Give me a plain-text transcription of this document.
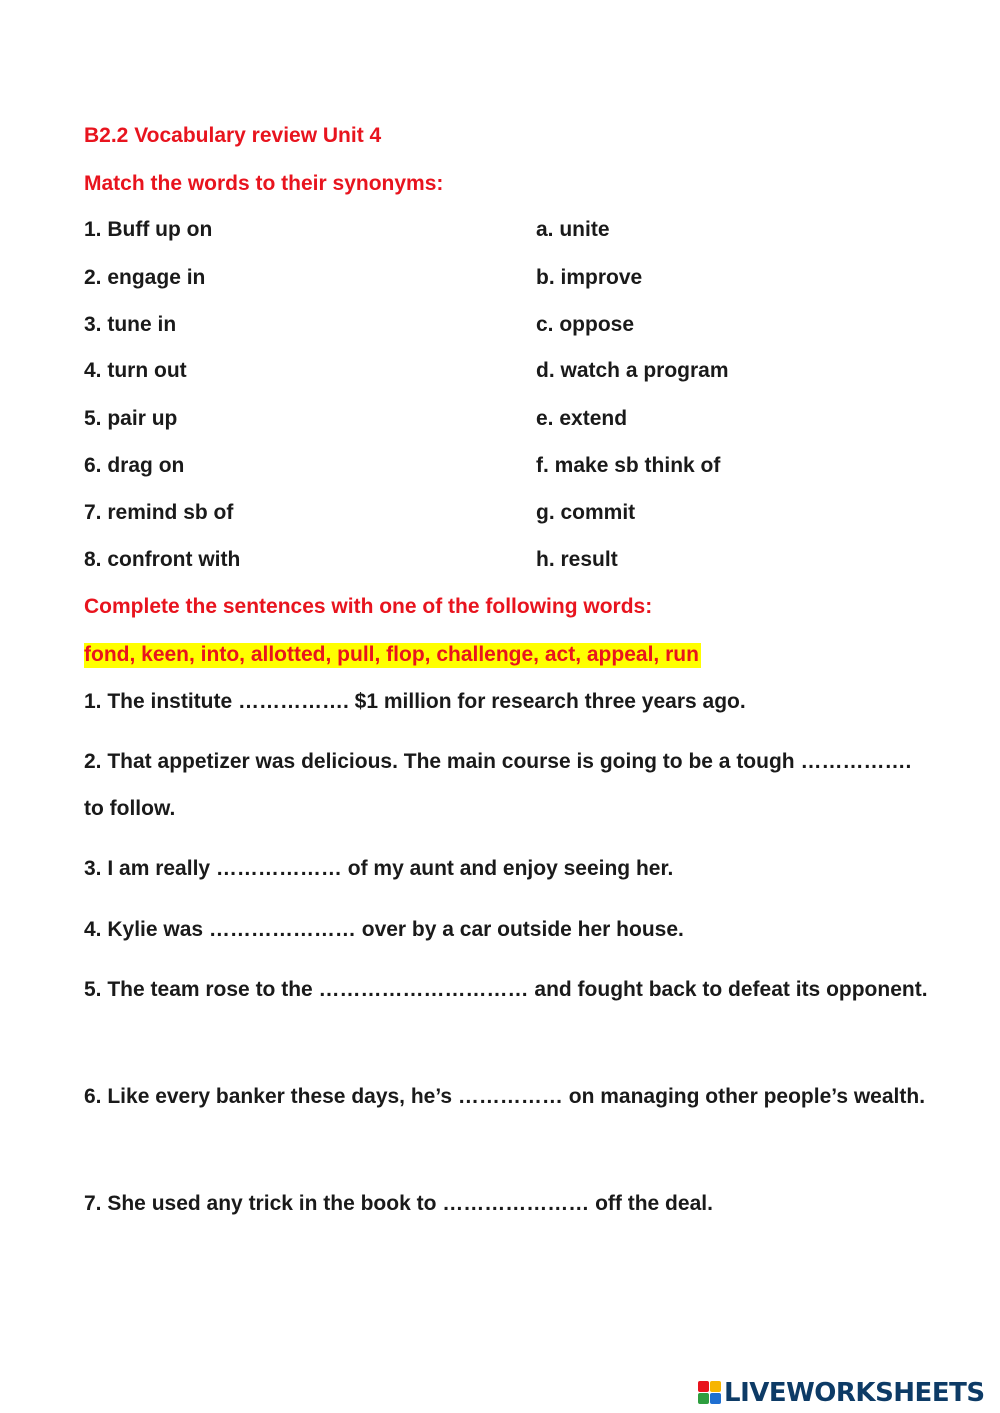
B2.2 Vocabulary review Unit 4
Match the words to their synonyms:
1. Buff up on	a. unite
2. engage in	b. improve
3. tune in	c. oppose
4. turn out	d. watch a program
5. pair up	e. extend
6. drag on	f. make sb think of
7. remind sb of	g. commit
8. confront with	h. result
Complete the sentences with one of the following words:
fond, keen, into, allotted, pull, flop, challenge, act, appeal, run
1. The institute ……………. $1 million for research three years ago.
2. That appetizer was delicious. The main course is going to be a tough ……………. to follow.
3. I am really ……………… of my aunt and enjoy seeing her.
4. Kylie was ………………… over by a car outside her house.
5. The team rose to the ………………………… and fought back to defeat its opponent.
6. Like every banker these days, he’s …………… on managing other people’s wealth.
7. She used any trick in the book to ………………… off the deal.
LIVEWORKSHEETS
